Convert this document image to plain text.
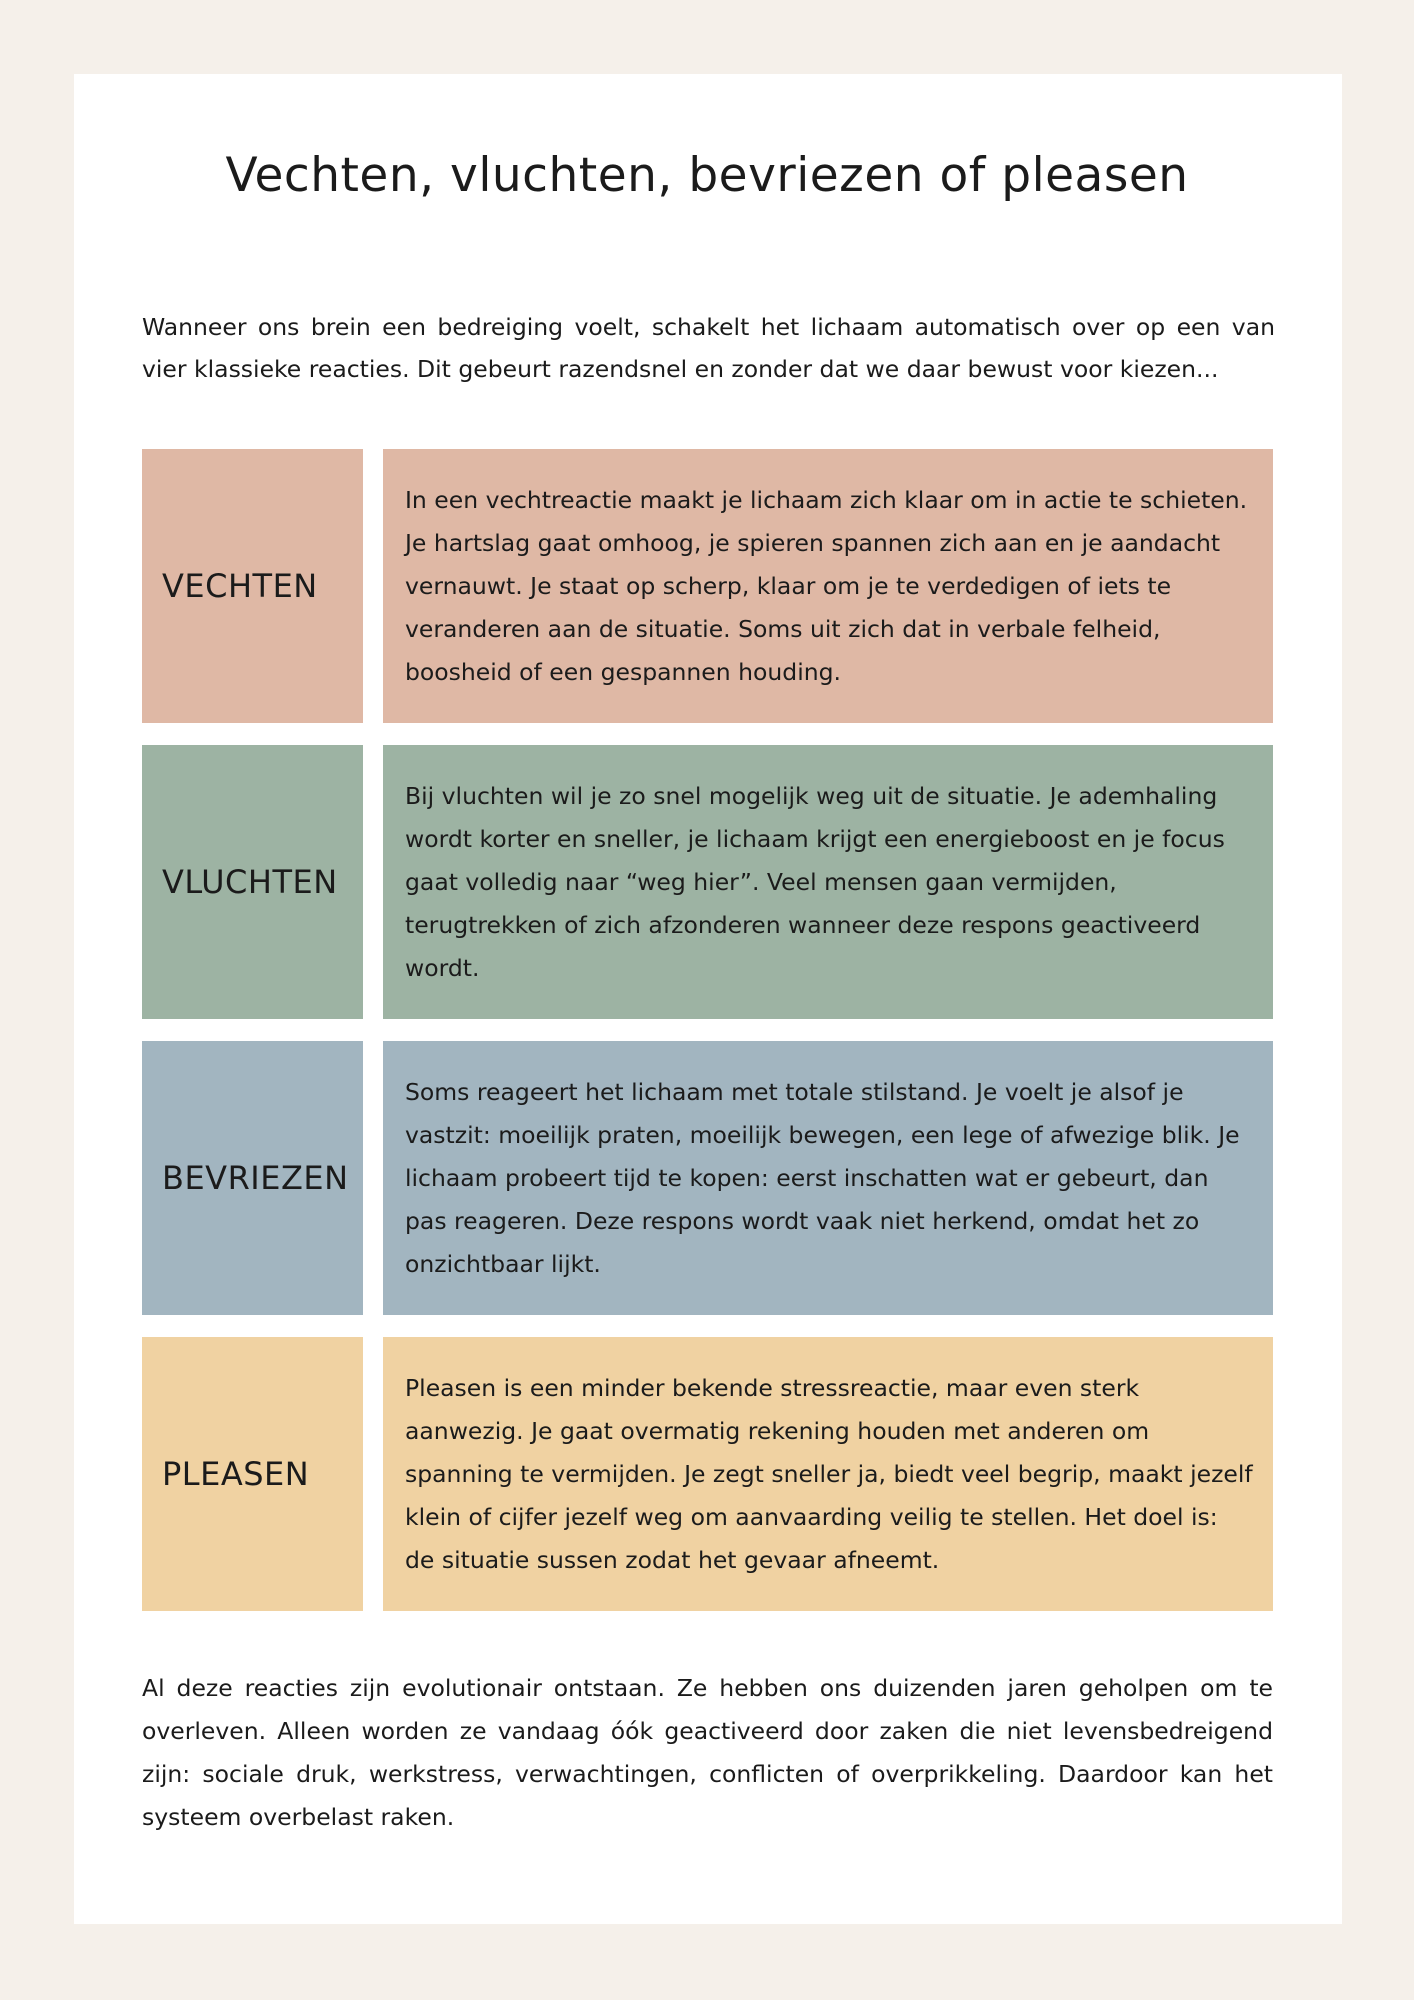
Vechten, vluchten, bevriezen of pleasen

Wanneer ons brein een bedreiging voelt, schakelt het lichaam automatisch over op een van vier klassieke reacties. Dit gebeurt razendsnel en zonder dat we daar bewust voor kiezen...

VECHTEN

In een vechtreactie maakt je lichaam zich klaar om in actie te schieten. Je hartslag gaat omhoog, je spieren spannen zich aan en je aandacht vernauwt. Je staat op scherp, klaar om je te verdedigen of iets te veranderen aan de situatie. Soms uit zich dat in verbale felheid, boosheid of een gespannen houding.

VLUCHTEN

Bij vluchten wil je zo snel mogelijk weg uit de situatie. Je ademhaling wordt korter en sneller, je lichaam krijgt een energieboost en je focus gaat volledig naar “weg hier”. Veel mensen gaan vermijden, terugtrekken of zich afzonderen wanneer deze respons geactiveerd wordt.

BEVRIEZEN

Soms reageert het lichaam met totale stilstand. Je voelt je alsof je vastzit: moeilijk praten, moeilijk bewegen, een lege of afwezige blik. Je lichaam probeert tijd te kopen: eerst inschatten wat er gebeurt, dan pas reageren. Deze respons wordt vaak niet herkend, omdat het zo onzichtbaar lijkt.

PLEASEN

Pleasen is een minder bekende stressreactie, maar even sterk aanwezig. Je gaat overmatig rekening houden met anderen om spanning te vermijden. Je zegt sneller ja, biedt veel begrip, maakt jezelf klein of cijfer jezelf weg om aanvaarding veilig te stellen. Het doel is: de situatie sussen zodat het gevaar afneemt.

Al deze reacties zijn evolutionair ontstaan. Ze hebben ons duizenden jaren geholpen om te overleven. Alleen worden ze vandaag óók geactiveerd door zaken die niet levensbedreigend zijn: sociale druk, werkstress, verwachtingen, conflicten of overprikkeling. Daardoor kan het systeem overbelast raken.
